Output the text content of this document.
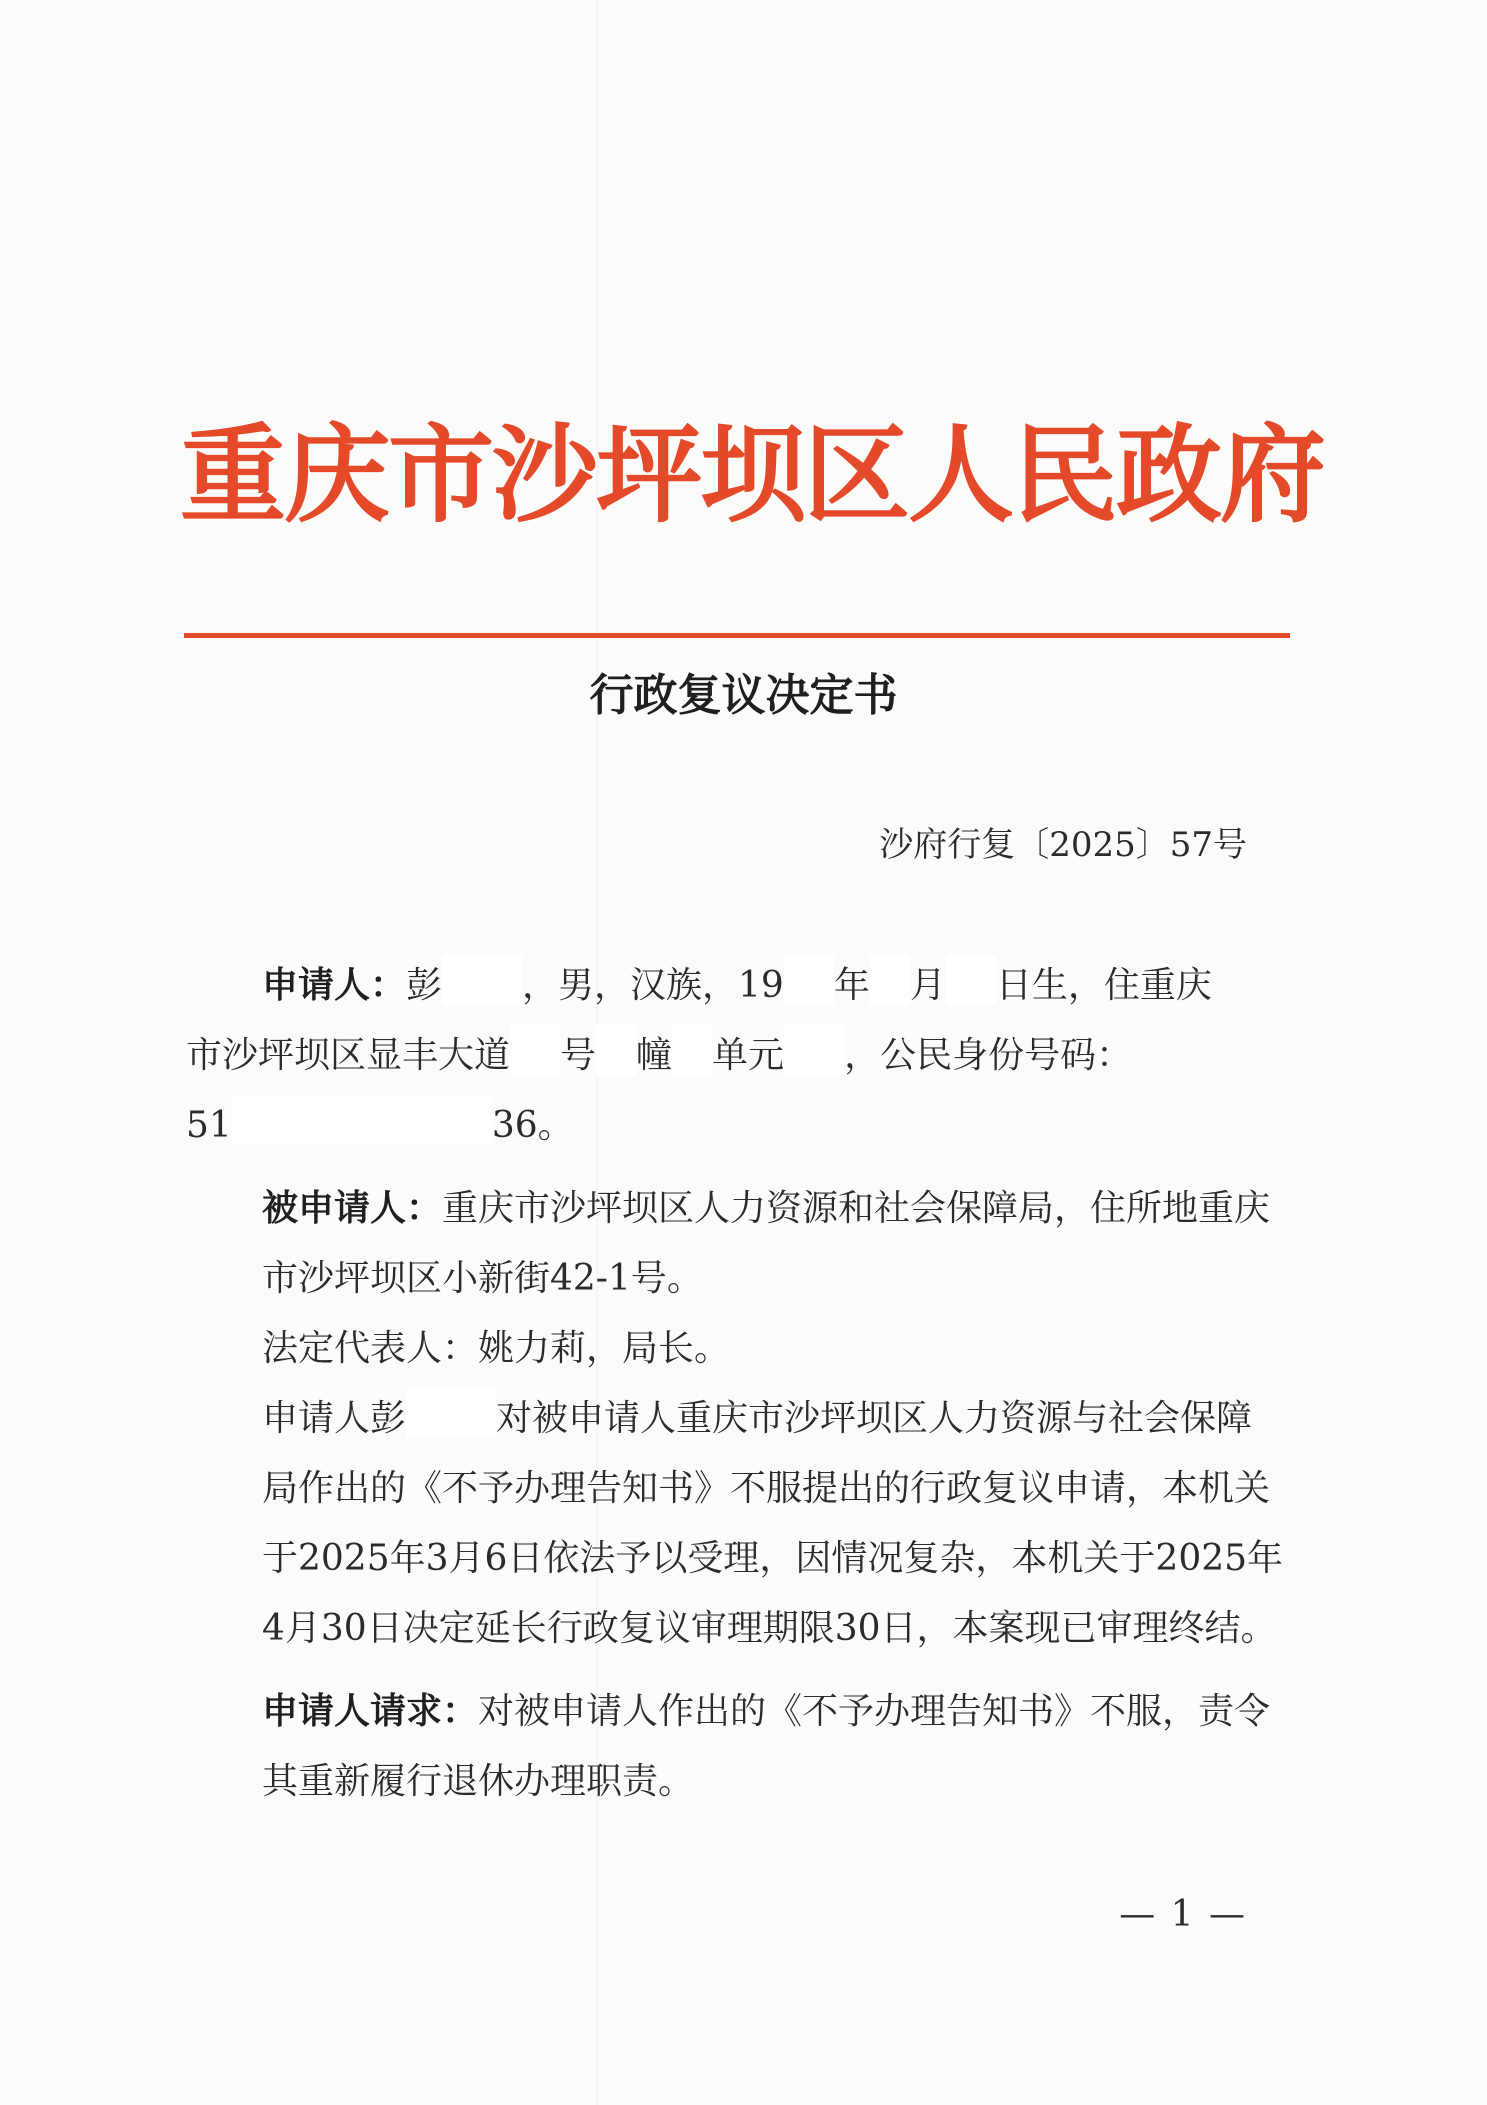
重庆市沙坪坝区人民政府
行政复议决定书
沙府行复〔2025〕57号

申请人：彭 ，男，汉族，19 年 月 日生，住重庆
市沙坪坝区显丰大道 号 幢 单元 ，公民身份号码：
51	36。

被申请人：重庆市沙坪坝区人力资源和社会保障局，住所地重庆市沙坪坝区小新街42-1号。

法定代表人：姚力莉，局长。

申请人彭	对被申请人重庆市沙坪坝区人力资源与社会保障局作出的《不予办理告知书》不服提出的行政复议申请，本机关于2025年3月6日依法予以受理，因情况复杂，本机关于2025年4月30日决定延长行政复议审理期限30日，本案现已审理终结。

申请人请求：对被申请人作出的《不予办理告知书》不服，责令其重新履行退休办理职责。

— 1 —
